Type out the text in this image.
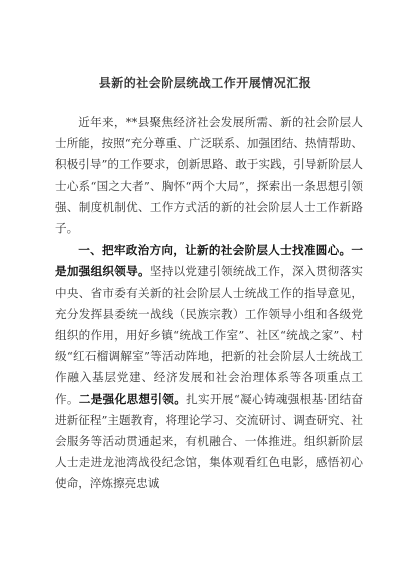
县新的社会阶层统战工作开展情况汇报

近年来，**县聚焦经济社会发展所需、新的社会阶层人士所能，按照“充分尊重、广泛联系、加强团结、热情帮助、积极引导”的工作要求，创新思路、敢于实践，引导新阶层人士心系“国之大者”、胸怀“两个大局”，探索出一条思想引领强、制度机制优、工作方式活的新的社会阶层人士工作新路子。

一、把牢政治方向，让新的社会阶层人士找准圆心。一是加强组织领导。坚持以党建引领统战工作，深入贯彻落实中央、省市委有关新的社会阶层人士统战工作的指导意见，充分发挥县委统一战线（民族宗教）工作领导小组和各级党组织的作用，用好乡镇“统战工作室”、社区“统战之家”、村级“红石榴调解室”等活动阵地，把新的社会阶层人士统战工作融入基层党建、经济发展和社会治理体系等各项重点工作。二是强化思想引领。扎实开展“凝心铸魂强根基·团结奋进新征程”主题教育，将理论学习、交流研讨、调查研究、社会服务等活动贯通起来，有机融合、一体推进。组织新阶层人士走进龙池湾战役纪念馆，集体观看红色电影，感悟初心使命，淬炼擦亮忠诚
